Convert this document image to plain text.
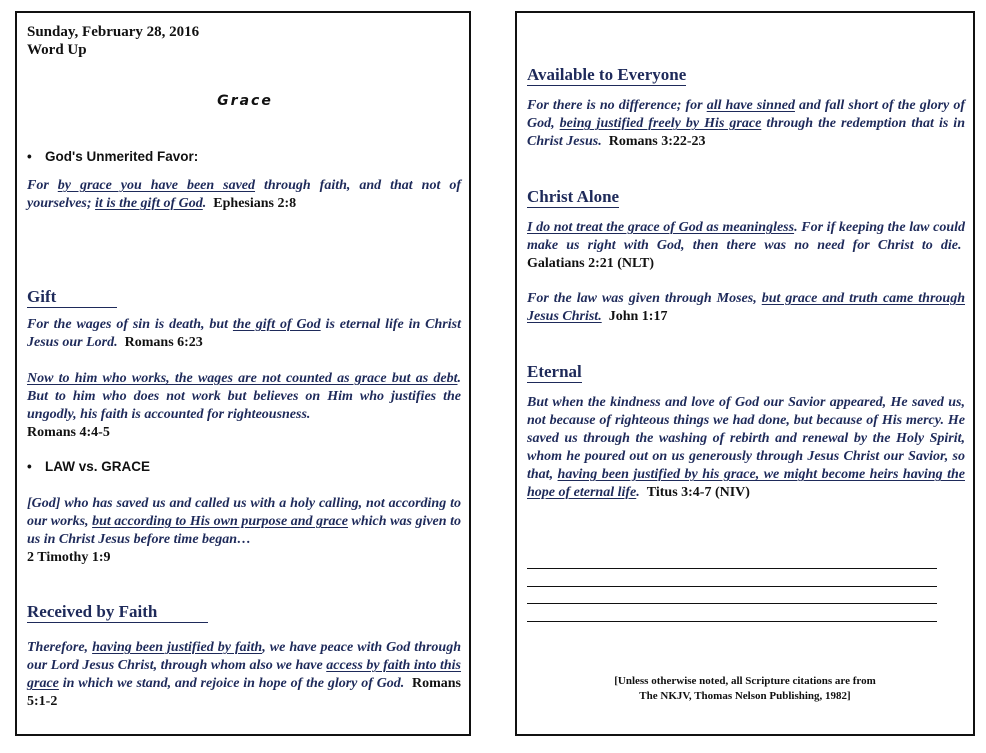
Sunday, February 28, 2016
Word Up
Grace
• God's Unmerited Favor:
For by grace you have been saved through faith, and that not of yourselves; it is the gift of God. Ephesians 2:8
Gift
For the wages of sin is death, but the gift of God is eternal life in Christ Jesus our Lord. Romans 6:23
Now to him who works, the wages are not counted as grace but as debt. But to him who does not work but believes on Him who justifies the ungodly, his faith is accounted for righteousness.
Romans 4:4-5
• LAW vs. GRACE
[God] who has saved us and called us with a holy calling, not according to our works, but according to His own purpose and grace which was given to us in Christ Jesus before time began…
2 Timothy 1:9
Received by Faith
Therefore, having been justified by faith, we have peace with God through our Lord Jesus Christ, through whom also we have access by faith into this grace in which we stand, and rejoice in hope of the glory of God. Romans 5:1-2
Available to Everyone
For there is no difference; for all have sinned and fall short of the glory of God, being justified freely by His grace through the redemption that is in Christ Jesus. Romans 3:22-23
Christ Alone
I do not treat the grace of God as meaningless. For if keeping the law could make us right with God, then there was no need for Christ to die.  Galatians 2:21 (NLT)
For the law was given through Moses, but grace and truth came through Jesus Christ. John 1:17
Eternal
But when the kindness and love of God our Savior appeared, He saved us, not because of righteous things we had done, but because of His mercy. He saved us through the washing of rebirth and renewal by the Holy Spirit, whom he poured out on us generously through Jesus Christ our Savior, so that, having been justified by his grace, we might become heirs having the hope of eternal life. Titus 3:4-7 (NIV)
[Unless otherwise noted, all Scripture citations are from
The NKJV, Thomas Nelson Publishing, 1982]
